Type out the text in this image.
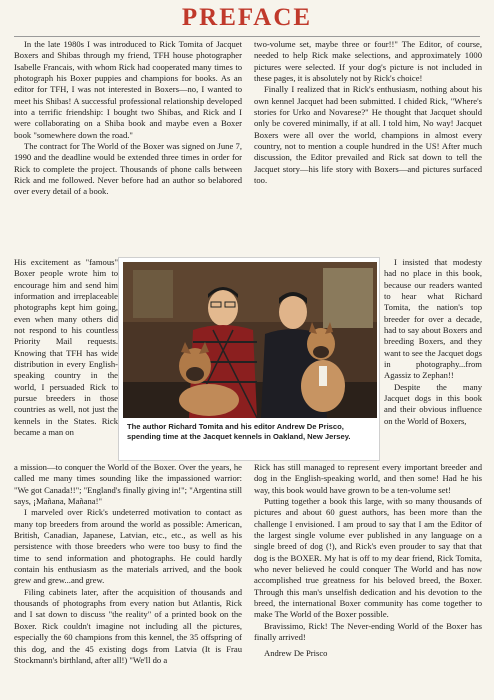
PREFACE

In the late 1980s I was introduced to Rick Tomita of Jacquet Boxers and Shibas through my friend, TFH house photographer Isabelle Francais, with whom Rick had cooperated many times to photograph his Boxer puppies and champions for books. As an editor for TFH, I was not interested in Boxers—no, I wanted to meet his Shibas! A successful professional relationship developed into a terrific friendship: I bought two Shibas, and Rick and I were collaborating on a Shiba book and maybe even a Boxer book "somewhere down the road."

The contract for The World of the Boxer was signed on June 7, 1990 and the deadline would be extended three times in order for Rick to complete the project. Thousands of phone calls between Rick and me followed. Never before had an author so belabored over every detail of a book.

His excitement as "famous" Boxer people wrote him to encourage him and send him information and irreplaceable photographs kept him going, even when many others did not respond to his countless Priority Mail requests. Knowing that TFH has wide distribution in every English-speaking country in the world, I persuaded Rick to pursue breeders in those countries as well, not just the kennels in the States. Rick became a man on

The author Richard Tomita and his editor Andrew De Prisco, spending time at the Jacquet kennels in Oakland, New Jersey.

a mission—to conquer the World of the Boxer. Over the years, he called me many times sounding like the impassioned warrior: "We got Canada!!"; "England's finally giving in!"; "Argentina still says, ¡Mañana, Mañana!"

I marveled over Rick's undeterred motivation to contact as many top breeders from around the world as possible: American, British, Canadian, Japanese, Latvian, etc., etc., as well as his persistence with those breeders who were too busy to find the time to send information and photographs. He could hardly contain his enthusiasm as the materials arrived, and the book grew and grew...and grew.

Filing cabinets later, after the acquisition of thousands and thousands of photographs from every nation but Atlantis, Rick and I sat down to discuss "the reality" of a printed book on the Boxer. Rick couldn't imagine not including all the pictures, especially the 60 champions from this kennel, the 35 offspring of this dog, and the 45 existing dogs from Latvia (It is Frau Stockmann's birthland, after all!) "We'll do a

two-volume set, maybe three or four!!" The Editor, of course, needed to help Rick make selections, and approximately 1000 pictures were selected. If your dog's picture is not included in these pages, it is absolutely not by Rick's choice!

Finally I realized that in Rick's enthusiasm, nothing about his own kennel Jacquet had been submitted. I chided Rick, "Where's stories for Urko and Novarese?" He thought that Jacquet should only be covered minimally, if at all. I told him, No way! Jacquet Boxers were all over the world, champions in almost every country, not to mention a couple hundred in the US! After much discussion, the Editor prevailed and Rick sat down to tell the Jacquet story—his life story with Boxers—and pictures surfaced too.

I insisted that modesty had no place in this book, because our readers wanted to hear what Richard Tomita, the nation's top breeder for over a decade, had to say about Boxers and breeding Boxers, and they want to see the Jacquet dogs in photography...from Agassiz to Zephan!!

Despite the many Jacquet dogs in this book and their obvious influence on the World of Boxers,

Rick has still managed to represent every important breeder and dog in the English-speaking world, and then some! Had he his way, this book would have grown to be a ten-volume set!

Putting together a book this large, with so many thousands of pictures and about 60 guest authors, has been more than the challenge I envisioned. I am proud to say that I am the Editor of the largest single volume ever published in any language on a single breed of dog (!), and Rick's even prouder to say that that dog is the BOXER. My hat is off to my dear friend, Rick Tomita, who never believed he could conquer The World and has now accomplished true greatness for his beloved breed, the Boxer. Through this man's unselfish dedication and his devotion to the breed, the international Boxer community has come together to make The World of the Boxer possible.

Bravissimo, Rick! The Never-ending World of the Boxer has finally arrived!

Andrew De Prisco
